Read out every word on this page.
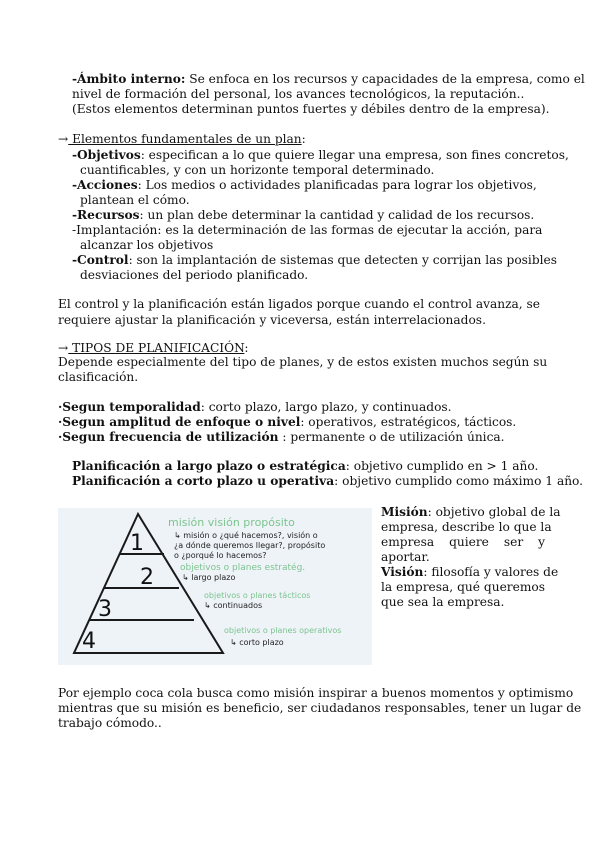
-Ámbito interno: Se enfoca en los recursos y capacidades de la empresa, como el
nivel de formación del personal, los avances tecnológicos, la reputación..
(Estos elementos determinan puntos fuertes y débiles dentro de la empresa).
→ Elementos fundamentales de un plan:
-Objetivos: especifican a lo que quiere llegar una empresa, son fines concretos,
cuantificables, y con un horizonte temporal determinado.
-Acciones: Los medios o actividades planificadas para lograr los objetivos,
plantean el cómo.
-Recursos: un plan debe determinar la cantidad y calidad de los recursos.
-Implantación: es la determinación de las formas de ejecutar la acción, para
alcanzar los objetivos
-Control: son la implantación de sistemas que detecten y corrijan las posibles
desviaciones del periodo planificado.
El control y la planificación están ligados porque cuando el control avanza, se
requiere ajustar la planificación y viceversa, están interrelacionados.
→ TIPOS DE PLANIFICACIÓN:
Depende especialmente del tipo de planes, y de estos existen muchos según su
clasificación.
·Segun temporalidad: corto plazo, largo plazo, y continuados.
·Segun amplitud de enfoque o nivel: operativos, estratégicos, tácticos.
·Segun frecuencia de utilización : permanente o de utilización única.
Planificación a largo plazo o estratégica: objetivo cumplido en > 1 año.
Planificación a corto plazo u operativa: objetivo cumplido como máximo 1 año.
1
2
3
4
misión visión propósito
↳ misión o ¿qué hacemos?, visión o
¿a dónde queremos llegar?, propósito
o ¿porqué lo hacemos?
objetivos o planes estratég.
↳ largo plazo
objetivos o planes tácticos
↳ continuados
objetivos o planes operativos
↳ corto plazo
Misión: objetivo global de la
empresa, describe lo que la
empresa quiere ser y
aportar.
Visión: filosofía y valores de
la empresa, qué queremos
que sea la empresa.
Por ejemplo coca cola busca como misión inspirar a buenos momentos y optimismo
mientras que su misión es beneficio, ser ciudadanos responsables, tener un lugar de
trabajo cómodo..
